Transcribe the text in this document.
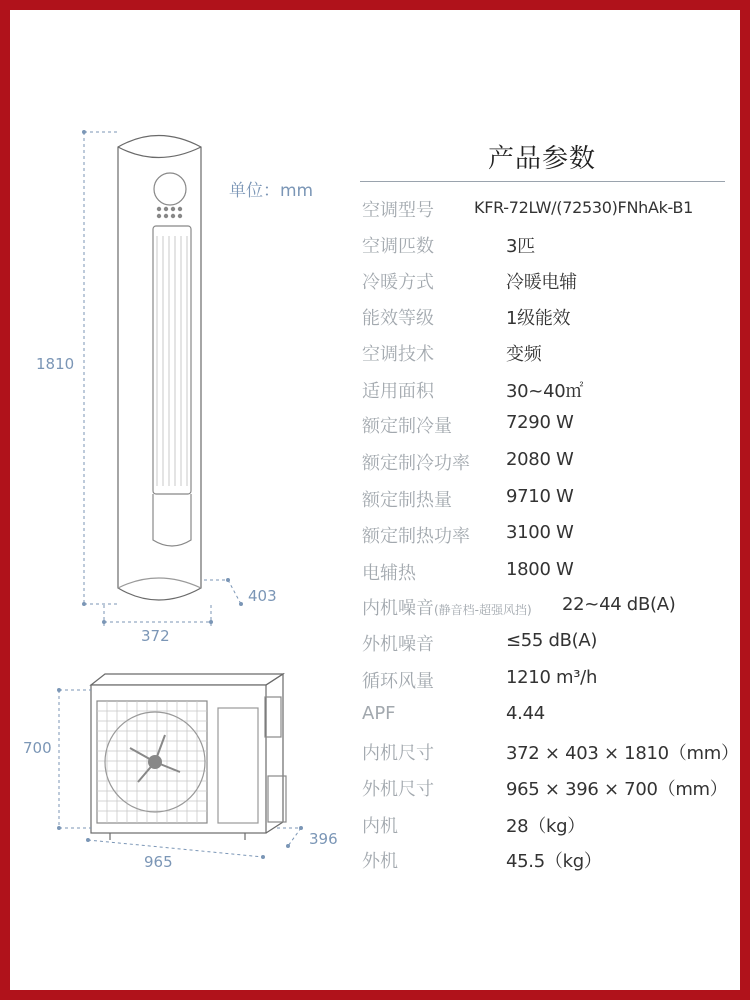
1810
372
403
700
965
396
单位：mm
产品参数
空调型号	KFR-72LW/(72530)FNhAk-B1
空调匹数	3匹
冷暖方式	冷暖电辅
能效等级	1级能效
空调技术	变频
适用面积	30~40㎡
额定制冷量	7290 W
额定制冷功率 2080 W
额定制热量	9710 W
额定制热功率 3100 W
电辅热	1800 W
内机噪音(静音档-超强风挡) 22~44 dB(A)
外机噪音	≤55 dB(A)
循环风量	1210 m³/h
APF	4.44
内机尺寸	372 × 403 × 1810（mm）
外机尺寸	965 × 396 × 700（mm）
内机	28（kg）
外机	45.5（kg）
